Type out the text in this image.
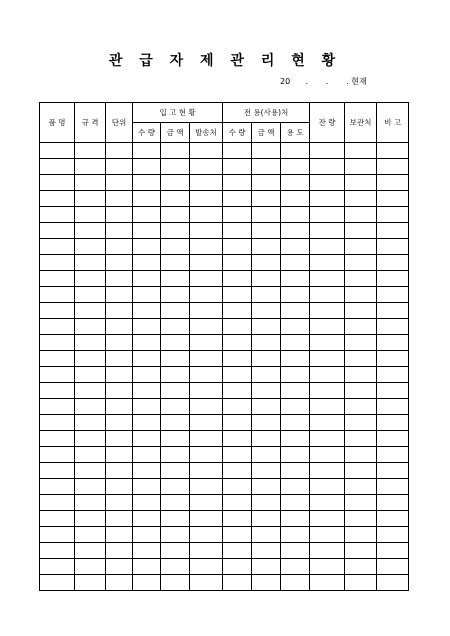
관 급 자 제 관 리 현 황
20      .       .       . 현재
품 명	규 격	단위	입 고 현 황			전 용(사용)처			잔 량	보관처	비 고
			수 량	금 액	발송처	수 량	금 액	용 도			
